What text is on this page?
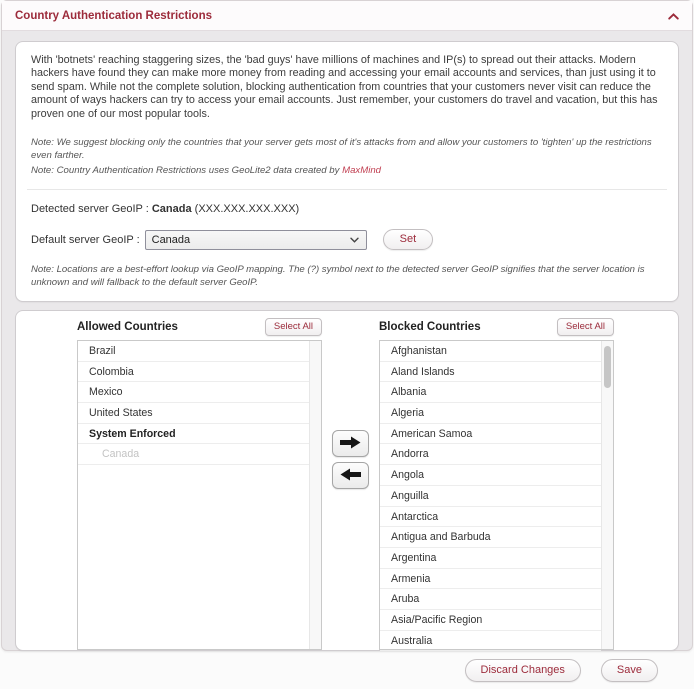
Country Authentication Restrictions

With 'botnets' reaching staggering sizes, the 'bad guys' have millions of machines and IP(s) to spread out their attacks. Modern hackers have found they can make more money from reading and accessing your email accounts and services, than just using it to send spam. While not the complete solution, blocking authentication from countries that your customers never visit can reduce the amount of ways hackers can try to access your email accounts. Just remember, your customers do travel and vacation, but this has proven one of our most popular tools.

Note: We suggest blocking only the countries that your server gets most of it's attacks from and allow your customers to 'tighten' up the restrictions even farther.
Note: Country Authentication Restrictions uses GeoLite2 data created by MaxMind
Detected server GeoIP : Canada (XXX.XXX.XXX.XXX)
Default server GeoIP : Canada	Set
Note: Locations are a best-effort lookup via GeoIP mapping. The (?) symbol next to the detected server GeoIP signifies that the server location is unknown and will fallback to the default server GeoIP.
Allowed Countries	Select All
Brazil
Colombia
Mexico
United States
System Enforced
Canada
Blocked Countries	Select All
Afghanistan
Aland Islands
Albania
Algeria
American Samoa
Andorra
Angola
Anguilla
Antarctica
Antigua and Barbuda
Argentina
Armenia
Aruba
Asia/Pacific Region
Australia
Discard Changes	Save
